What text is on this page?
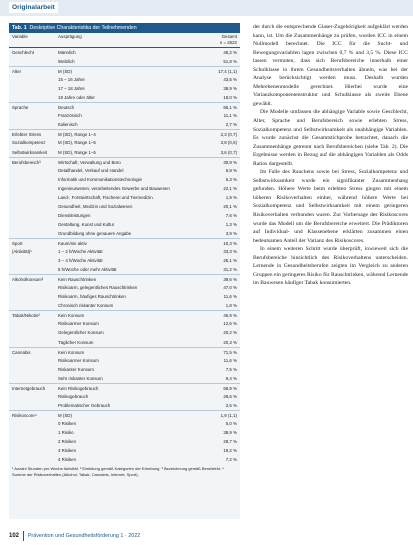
Originalarbeit
Tab. 1 Deskriptive Charakteristika der Teilnehmenden
Variable	Ausprägung	Gesamt
n = 2622
Geschlecht	Männlich	48,2 %
Weiblich	51,8 %
Alter	M (SD)	17,4 (1,1)
15 – 16 Jahre	43,5 %
17 – 18 Jahre	38,9 %
19 Jahre oder älter	18,0 %
Sprache	Deutsch	86,1 %
Französisch	11,1 %
Italienisch	2,7 %
Erlebter Stress	M (SD), Range 1–4	2,3 (0,7)
Sozialkompetenz	M (SD), Range 1–5	3,8 (0,6)
Selbstwirksamkeit	M (SD), Range 1–5	3,6 (0,7)
Berufsbereich³	Wirtschaft, Verwaltung und Büro	30,9 %
Detailhandel, Verkauf und Handel	6,9 %
Informatik und Kommunikationstechnologie	5,3 %
Ingenieurwesen, verarbeitendes Gewerbe und Bauwesen	22,1 %
Land-, Forstwirtschaft, Fischerei und Tiermedizin	1,9 %
Gesundheit, Medizin und Sozialwesen	20,1 %
Dienstleistungen	7,6 %
Gestaltung, Kunst und Kultur	1,3 %
Grundbildung ohne genauere Angabe	3,9 %
Sport	Kaum/nie aktiv	10,3 %
(Aktivität)¹	1 – 2 h/Woche Aktivität	33,3 %
3 – 4 h/Woche Aktivität	25,1 %
5 h/Woche oder mehr Aktivität	31,2 %
Alkoholkonsum²	Kein Rauschtrinken	39,6 %
Risikoarm, gelegentliches Rauschtrinken	47,0 %
Risikoarm, häufiges Rauschtrinken	11,6 %
Chronisch riskanter Konsum	1,8 %
Tabak/Nikotin²	Kein Konsum	46,9 %
Risikoarmer Konsum	12,6 %
Gelegentlicher Konsum	20,2 %
Täglicher Konsum	20,3 %
Cannabis	Kein Konsum	71,5 %
Risikoarmer Konsum	11,6 %
Riskanter Konsum	7,5 %
Sehr riskanter Konsum	9,4 %
Internetgebrauch	Kein Risikogebrauch	68,9 %
Risikogebrauch	28,6 %
Problematischer Gebrauch	2,5 %
Risikoscore⁴	M (SD)	1,9 (1,1)
0 Risiken	6,0 %
1 Risiko	38,9 %
2 Risiken	28,7 %
3 Risiken	19,2 %
4 Risiken	7,2 %
¹ Anzahl Stunden pro Woche Aktivität. ² Einteilung gemäß Kategorien der Erhebung. ³ Bezeichnung gemäß Berufsfeld. ⁴ Summe der Risikoverhalten (Alkohol, Tabak, Cannabis, Internet, Sport).

der durch die entsprechende Glaser-Zugehörigkeit aufgeklärt werden kann, ist. Um die Zusammenhänge zu prüfen, wurden ICC in einem Nullmodell berechnet. Die ICC für die Sucht- und Bewegungsvariablen lagen zwischen 0,7 % und 3,5 %. Diese ICC lassen vermuten, dass sich Berufsbereiche innerhalb einer Schulklasse in ihrem Gesundheitsverhalten ähneln, was bei der Analyse berücksichtigt werden muss. Deshalb wurden Mehrebenenmodelle gerechnet. Hierbei wurde eine Varianzkomponentenstruktur und Schulklasse als zweite Ebene gewählt.

Die Modelle umfassen die abhängige Variable sowie Geschlecht, Alter, Sprache und Berufsbereich sowie erlebten Stress, Sozialkompetenz und Selbstwirksamkeit als unabhängige Variablen. Es wurde zunächst die Gesamtstichprobe betrachtet, danach die Zusammenhänge getrennt nach Berufsbereichen (siehe Tab. 2). Die Ergebnisse werden in Bezug auf die abhängigen Variablen als Odds Ratios dargestellt.

Im Falle des Rauchens sowie bei Stress, Sozialkompetenz und Selbstwirksamkeit wurde ein signifikanter Zusammenhang gefunden. Höhere Werte beim erlebten Stress gingen mit einem höheren Risikoverhalten einher, während höhere Werte bei Sozialkompetenz und Selbstwirksamkeit mit einem geringeren Risikoverhalten verbunden waren. Zur Vorhersage des Risikoscores wurde das Modell um die Berufsbereiche erweitert. Die Prädiktoren auf Individual- und Klassenebene erklärten zusammen einen bedeutsamen Anteil der Varianz des Risikoscores.

In einem weiteren Schritt wurde überprüft, inwieweit sich die Berufsbereiche hinsichtlich des Risikoverhaltens unterscheiden. Lernende in Gesundheitsberufen zeigten im Vergleich zu anderen Gruppen ein geringeres Risiko für Rauschtrinken, während Lernende im Bauwesen häufiger Tabak konsumierten.

102 Prävention und Gesundheitsförderung 1 · 2022
